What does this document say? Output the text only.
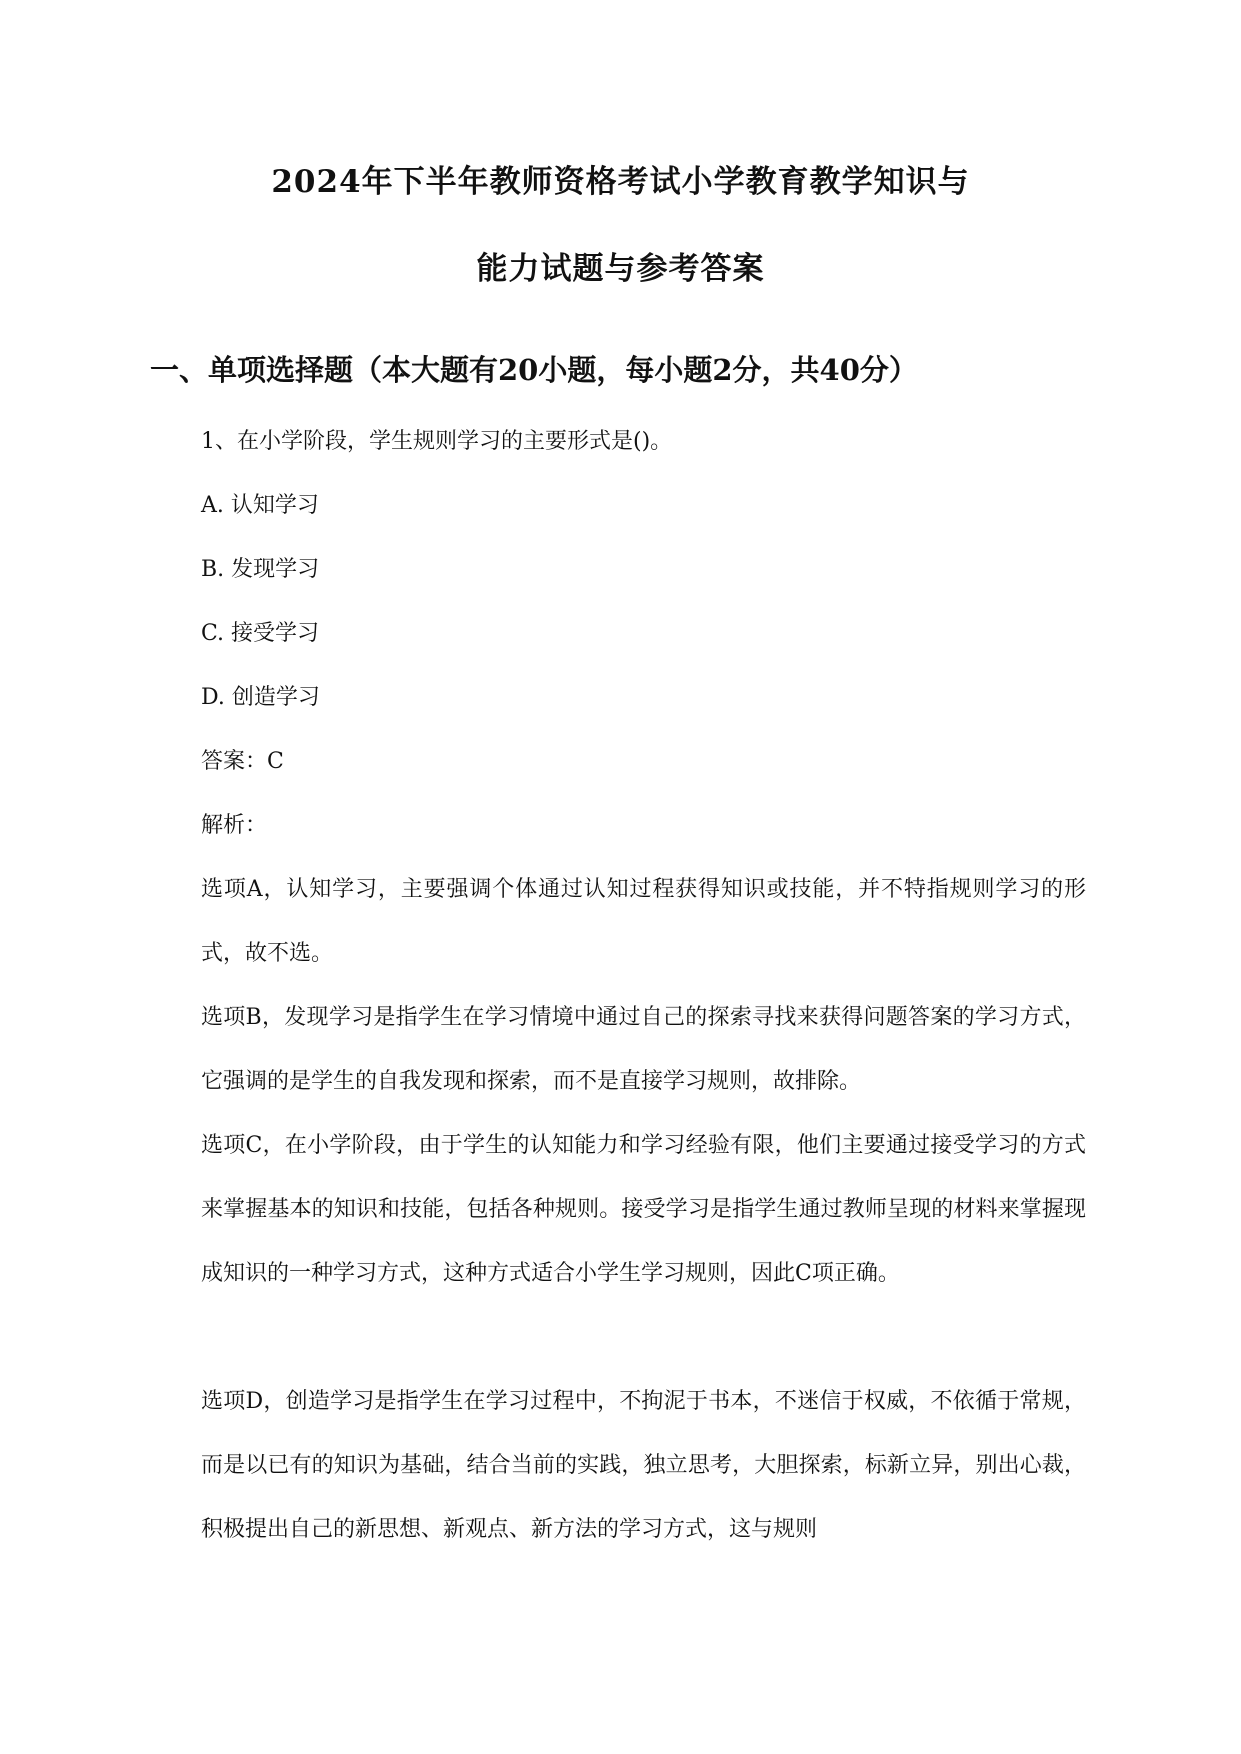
2024年下半年教师资格考试小学教育教学知识与
能力试题与参考答案
一、单项选择题（本大题有20小题，每小题2分，共40分）
1、在小学阶段，学生规则学习的主要形式是()。
A. 认知学习
B. 发现学习
C. 接受学习
D. 创造学习
答案：C
解析：
选项A，认知学习，主要强调个体通过认知过程获得知识或技能，并不特指规则学习的形式，故不选。
选项B，发现学习是指学生在学习情境中通过自己的探索寻找来获得问题答案的学习方式，它强调的是学生的自我发现和探索，而不是直接学习规则，故排除。
选项C，在小学阶段，由于学生的认知能力和学习经验有限，他们主要通过接受学习的方式来掌握基本的知识和技能，包括各种规则。接受学习是指学生通过教师呈现的材料来掌握现成知识的一种学习方式，这种方式适合小学生学习规则，因此C项正确。
选项D，创造学习是指学生在学习过程中，不拘泥于书本，不迷信于权威，不依循于常规，而是以已有的知识为基础，结合当前的实践，独立思考，大胆探索，标新立异，别出心裁，积极提出自己的新思想、新观点、新方法的学习方式，这与规则
